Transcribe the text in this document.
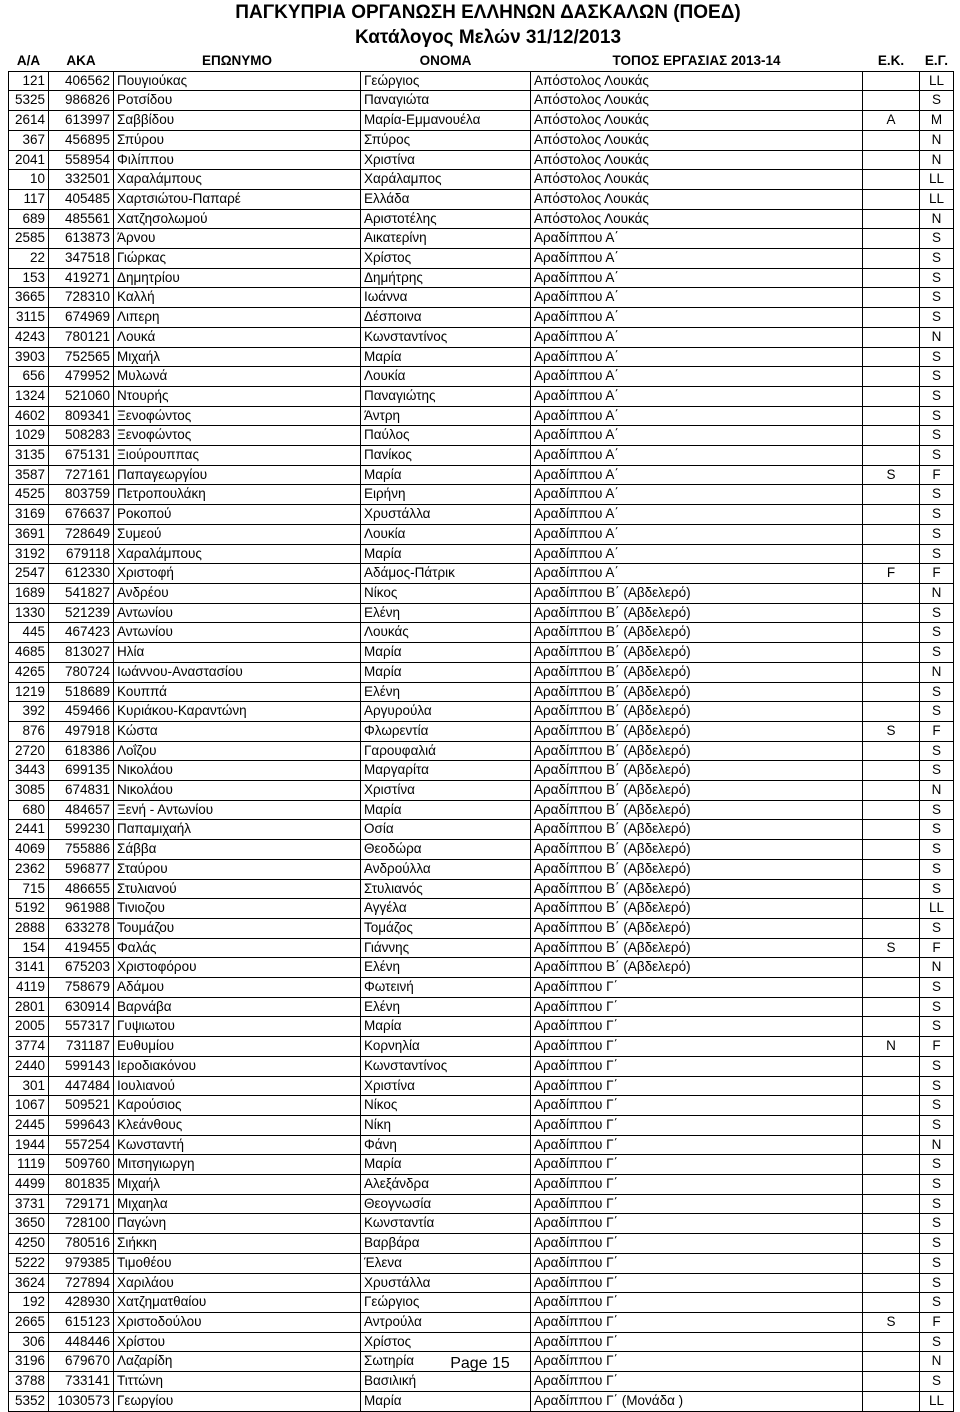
ΠΑΓΚΥΠΡΙΑ ΟΡΓΑΝΩΣΗ ΕΛΛΗΝΩΝ ΔΑΣΚΑΛΩΝ (ΠΟΕΔ)
Κατάλογος Μελών 31/12/2013
Α/Α	ΑΚΑ	ΕΠΩΝΥΜΟ	ΟΝΟΜΑ	ΤΟΠΟΣ ΕΡΓΑΣΙΑΣ 2013-14	Ε.Κ.	Ε.Γ.
121	406562	Πουγιούκας	Γεώργιος	Απόστολος Λουκάς		LL
5325	986826	Ροτσίδου	Παναγιώτα	Απόστολος Λουκάς		S
2614	613997	Σαββίδου	Μαρία-Εμμανουέλα	Απόστολος Λουκάς	A	M
367	456895	Σπύρου	Σπύρος	Απόστολος Λουκάς		N
2041	558954	Φιλίππου	Χριστίνα	Απόστολος Λουκάς		N
10	332501	Χαραλάμπους	Χαράλαμπος	Απόστολος Λουκάς		LL
117	405485	Χαρτσιώτου-Παπαρέ	Ελλάδα	Απόστολος Λουκάς		LL
689	485561	Χατζησολωμού	Αριστοτέλης	Απόστολος Λουκάς		N
2585	613873	Άρνου	Αικατερίνη	Αραδίππου Α΄		S
22	347518	Γιώρκας	Χρίστος	Αραδίππου Α΄		S
153	419271	Δημητρίου	Δημήτρης	Αραδίππου Α΄		S
3665	728310	Καλλή	Ιωάννα	Αραδίππου Α΄		S
3115	674969	Λιπερη	Δέσποινα	Αραδίππου Α΄		S
4243	780121	Λουκά	Κωνσταντίνος	Αραδίππου Α΄		N
3903	752565	Μιχαήλ	Μαρία	Αραδίππου Α΄		S
656	479952	Μυλωνά	Λουκία	Αραδίππου Α΄		S
1324	521060	Ντουρής	Παναγιώτης	Αραδίππου Α΄		S
4602	809341	Ξενοφώντος	Άντρη	Αραδίππου Α΄		S
1029	508283	Ξενοφώντος	Παύλος	Αραδίππου Α΄		S
3135	675131	Ξιούρουππας	Πανίκος	Αραδίππου Α΄		S
3587	727161	Παπαγεωργίου	Μαρία	Αραδίππου Α΄	S	F
4525	803759	Πετροπουλάκη	Ειρήνη	Αραδίππου Α΄		S
3169	676637	Ροκοπού	Χρυστάλλα	Αραδίππου Α΄		S
3691	728649	Συμεού	Λουκία	Αραδίππου Α΄		S
3192	679118	Χαραλάμπους	Μαρία	Αραδίππου Α΄		S
2547	612330	Χριστοφή	Αδάμος-Πάτρικ	Αραδίππου Α΄	F	F
1689	541827	Ανδρέου	Νίκος	Αραδίππου Β΄ (Αβδελερό)		N
1330	521239	Αντωνίου	Ελένη	Αραδίππου Β΄ (Αβδελερό)		S
445	467423	Αντωνίου	Λουκάς	Αραδίππου Β΄ (Αβδελερό)		S
4685	813027	Ηλία	Μαρία	Αραδίππου Β΄ (Αβδελερό)		S
4265	780724	Ιωάννου-Αναστασίου	Μαρία	Αραδίππου Β΄ (Αβδελερό)		N
1219	518689	Κουππά	Ελένη	Αραδίππου Β΄ (Αβδελερό)		S
392	459466	Κυριάκου-Καραντώνη	Αργυρούλα	Αραδίππου Β΄ (Αβδελερό)		S
876	497918	Κώστα	Φλωρεντία	Αραδίππου Β΄ (Αβδελερό)	S	F
2720	618386	Λοΐζου	Γαρουφαλιά	Αραδίππου Β΄ (Αβδελερό)		S
3443	699135	Νικολάου	Μαργαρίτα	Αραδίππου Β΄ (Αβδελερό)		S
3085	674831	Νικολάου	Χριστίνα	Αραδίππου Β΄ (Αβδελερό)		N
680	484657	Ξενή - Αντωνίου	Μαρία	Αραδίππου Β΄ (Αβδελερό)		S
2441	599230	Παπαμιχαήλ	Οσία	Αραδίππου Β΄ (Αβδελερό)		S
4069	755886	Σάββα	Θεοδώρα	Αραδίππου Β΄ (Αβδελερό)		S
2362	596877	Σταύρου	Ανδρούλλα	Αραδίππου Β΄ (Αβδελερό)		S
715	486655	Στυλιανού	Στυλιανός	Αραδίππου Β΄ (Αβδελερό)		S
5192	961988	Τινιοζου	Αγγέλα	Αραδίππου Β΄ (Αβδελερό)		LL
2888	633278	Τουμάζου	Τομάζος	Αραδίππου Β΄ (Αβδελερό)		S
154	419455	Φαλάς	Γιάννης	Αραδίππου Β΄ (Αβδελερό)	S	F
3141	675203	Χριστοφόρου	Ελένη	Αραδίππου Β΄ (Αβδελερό)		N
4119	758679	Αδάμου	Φωτεινή	Αραδίππου Γ΄		S
2801	630914	Βαρνάβα	Ελένη	Αραδίππου Γ΄		S
2005	557317	Γυψιωτου	Μαρία	Αραδίππου Γ΄		S
3774	731187	Ευθυμίου	Κορνηλία	Αραδίππου Γ΄	N	F
2440	599143	Ιεροδιακόνου	Κωνσταντίνος	Αραδίππου Γ΄		S
301	447484	Ιουλιανού	Χριστίνα	Αραδίππου Γ΄		S
1067	509521	Καρούσιος	Νίκος	Αραδίππου Γ΄		S
2445	599643	Κλεάνθους	Νίκη	Αραδίππου Γ΄		S
1944	557254	Κωνσταντή	Φάνη	Αραδίππου Γ΄		N
1119	509760	Μιτσηγιωργη	Μαρία	Αραδίππου Γ΄		S
4499	801835	Μιχαήλ	Αλεξάνδρα	Αραδίππου Γ΄		S
3731	729171	Μιχαηλα	Θεογνωσία	Αραδίππου Γ΄		S
3650	728100	Παγώνη	Κωνσταντία	Αραδίππου Γ΄		S
4250	780516	Σιήκκη	Βαρβάρα	Αραδίππου Γ΄		S
5222	979385	Τιμοθέου	Έλενα	Αραδίππου Γ΄		S
3624	727894	Χαριλάου	Χρυστάλλα	Αραδίππου Γ΄		S
192	428930	Χατζηματθαίου	Γεώργιος	Αραδίππου Γ΄		S
2665	615123	Χριστοδούλου	Αντρούλα	Αραδίππου Γ΄	S	F
306	448446	Χρίστου	Χρίστος	Αραδίππου Γ΄		S
3196	679670	Λαζαρίδη	Σωτηρία	Αραδίππου Γ΄		N
3788	733141	Τιττώνη	Βασιλική	Αραδίππου Γ΄		S
5352	1030573	Γεωργίου	Μαρία	Αραδίππου Γ΄ (Μονάδα )		LL
Page 15
